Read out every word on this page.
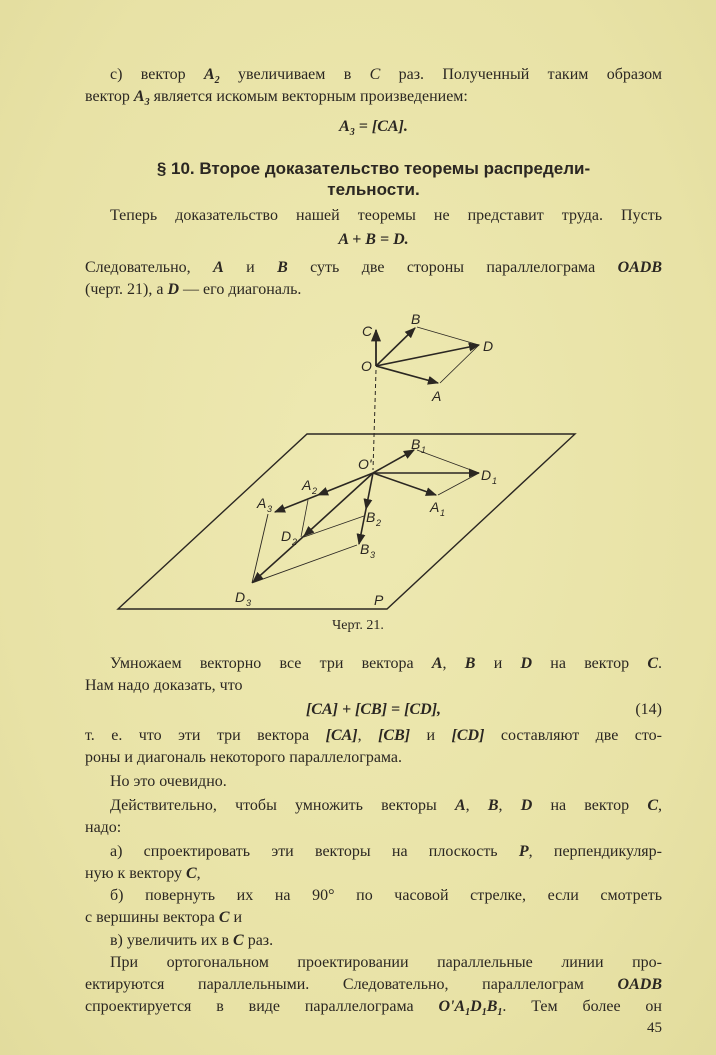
с) вектор $A_2$ увеличиваем в C раз. Полученный таким образом
вектор $A_3$ является искомым векторным произведением:
$A_3 = [CA]$.
Теперь доказательство нашей теоремы не представит труда. Пусть
A + B = D.
Следовательно, A и B суть две стороны параллелограма OADB
(черт. 21), а D — его диагональ.
Умножаем векторно все три вектора A, B и D на вектор C.
Нам надо доказать, что
[CA] + [CB] = [CD],	(14)
т. е. что эти три вектора [CA], [CB] и [CD] составляют две сто-
роны и диагональ некоторого параллелограма.
Но это очевидно.
Действительно, чтобы умножить векторы A, B, D на вектор C,
надо:
а) спроектировать эти векторы на плоскость P, перпендикуляр-
ную к вектору C,
б) повернуть их на 90° по часовой стрелке, если смотреть
с вершины вектора C и
в) увеличить их в C раз.
При ортогональном проектировании параллельные линии про-
ектируются параллельными. Следовательно, параллелограм OADB
спроектируется в виде параллелограма $O'A_1D_1B_1$. Тем более он
§ 10. Второе доказательство теоремы распредели-
тельности.
C
B
D
O
A
O'
B 1
D 1
A 1
A 2
A 3
D 2
B 2
B 3
D 3	P
Черт. 21.
45
